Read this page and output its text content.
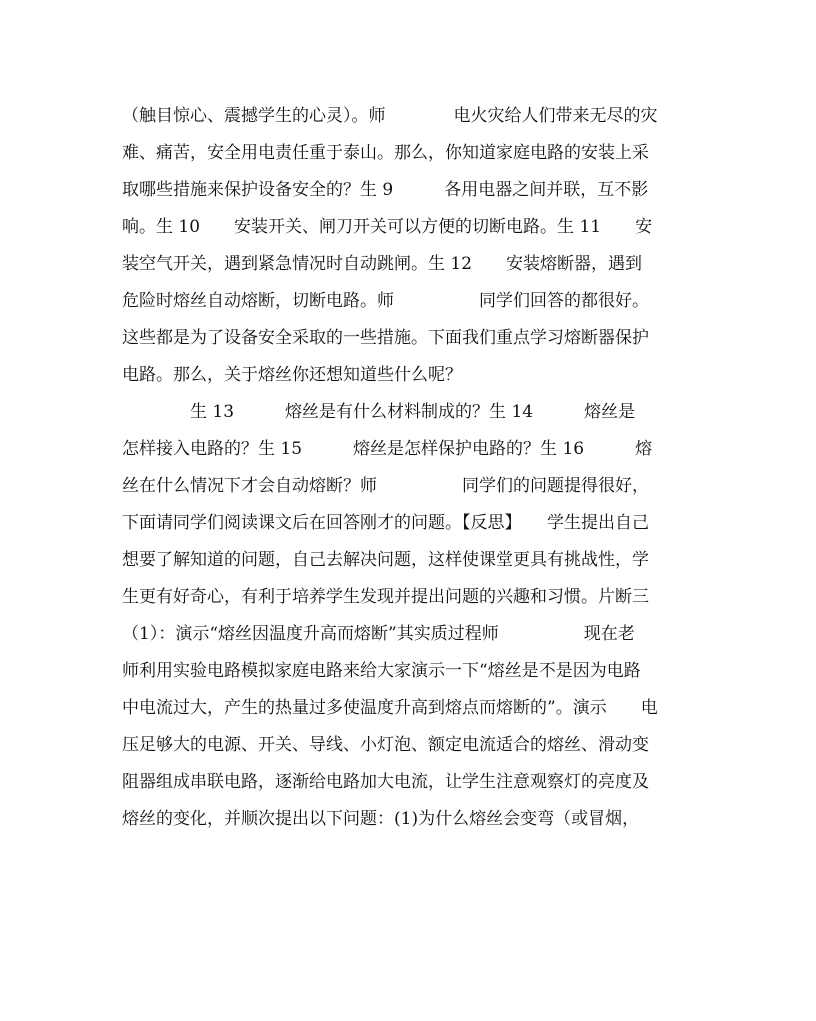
（触目惊心、震撼学生的心灵）。师　　　　电火灾给人们带来无尽的灾
难、痛苦，安全用电责任重于泰山。那么，你知道家庭电路的安装上采
取哪些措施来保护设备安全的？生 9　　　各用电器之间并联，互不影
响。生 10　　安装开关、闸刀开关可以方便的切断电路。生 11　　安
装空气开关，遇到紧急情况时自动跳闸。生 12　　安装熔断器，遇到
危险时熔丝自动熔断，切断电路。师　　　　　同学们回答的都很好。
这些都是为了设备安全采取的一些措施。下面我们重点学习熔断器保护
电路。那么，关于熔丝你还想知道些什么呢？
　　　　生 13　　　熔丝是有什么材料制成的？生 14　　　熔丝是
怎样接入电路的？生 15　　　熔丝是怎样保护电路的？生 16　　　熔
丝在什么情况下才会自动熔断？师　　　　　同学们的问题提得很好，
下面请同学们阅读课文后在回答刚才的问题。【反思】　　学生提出自己
想要了解知道的问题，自己去解决问题，这样使课堂更具有挑战性，学
生更有好奇心，有利于培养学生发现并提出问题的兴趣和习惯。片断三
（1）：演示“熔丝因温度升高而熔断”其实质过程师　　　　　现在老
师利用实验电路模拟家庭电路来给大家演示一下“熔丝是不是因为电路
中电流过大，产生的热量过多使温度升高到熔点而熔断的”。演示　　电
压足够大的电源、开关、导线、小灯泡、额定电流适合的熔丝、滑动变
阻器组成串联电路，逐渐给电路加大电流，让学生注意观察灯的亮度及
熔丝的变化，并顺次提出以下问题：(1)为什么熔丝会变弯（或冒烟，
